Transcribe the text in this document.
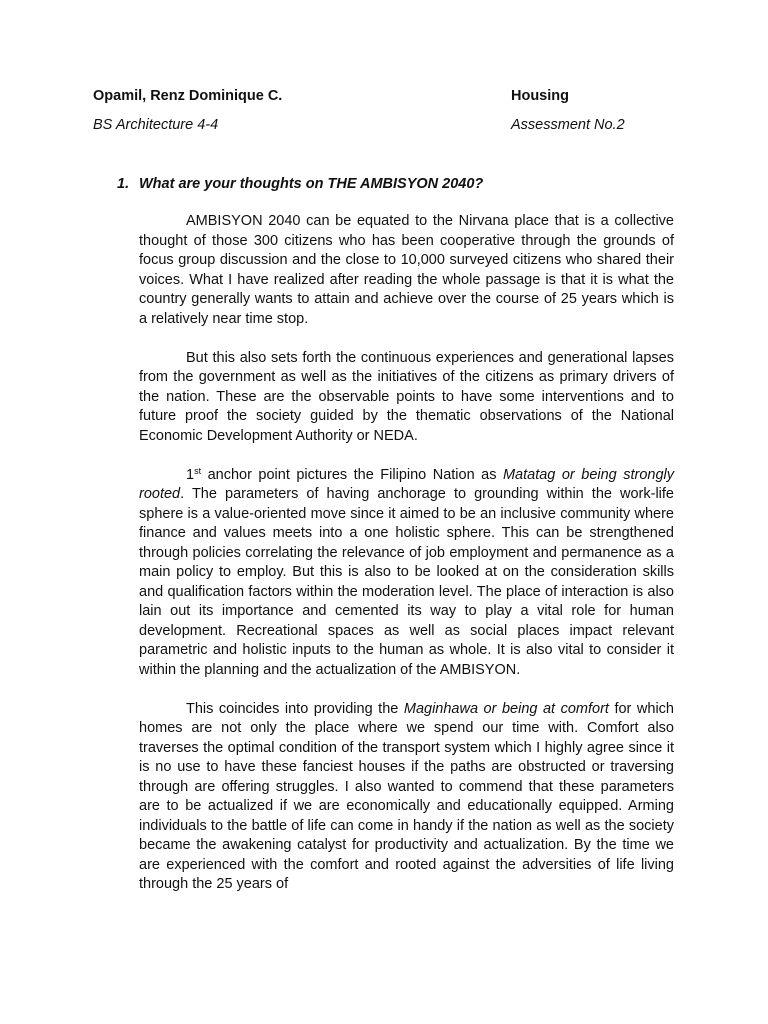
Opamil, Renz Dominique C.	Housing
BS Architecture 4-4	Assessment No.2
1. What are your thoughts on THE AMBISYON 2040?

AMBISYON 2040 can be equated to the Nirvana place that is a collective thought of those 300 citizens who has been cooperative through the grounds of focus group discussion and the close to 10,000 surveyed citizens who shared their voices. What I have realized after reading the whole passage is that it is what the country generally wants to attain and achieve over the course of 25 years which is a relatively near time stop.

But this also sets forth the continuous experiences and generational lapses from the government as well as the initiatives of the citizens as primary drivers of the nation. These are the observable points to have some interventions and to future proof the society guided by the thematic observations of the National Economic Development Authority or NEDA.

1st anchor point pictures the Filipino Nation as Matatag or being strongly rooted. The parameters of having anchorage to grounding within the work-life sphere is a value-oriented move since it aimed to be an inclusive community where finance and values meets into a one holistic sphere. This can be strengthened through policies correlating the relevance of job employment and permanence as a main policy to employ. But this is also to be looked at on the consideration skills and qualification factors within the moderation level. The place of interaction is also lain out its importance and cemented its way to play a vital role for human development. Recreational spaces as well as social places impact relevant parametric and holistic inputs to the human as whole. It is also vital to consider it within the planning and the actualization of the AMBISYON.

This coincides into providing the Maginhawa or being at comfort for which homes are not only the place where we spend our time with. Comfort also traverses the optimal condition of the transport system which I highly agree since it is no use to have these fanciest houses if the paths are obstructed or traversing through are offering struggles. I also wanted to commend that these parameters are to be actualized if we are economically and educationally equipped. Arming individuals to the battle of life can come in handy if the nation as well as the society became the awakening catalyst for productivity and actualization. By the time we are experienced with the comfort and rooted against the adversities of life living through the 25 years of
